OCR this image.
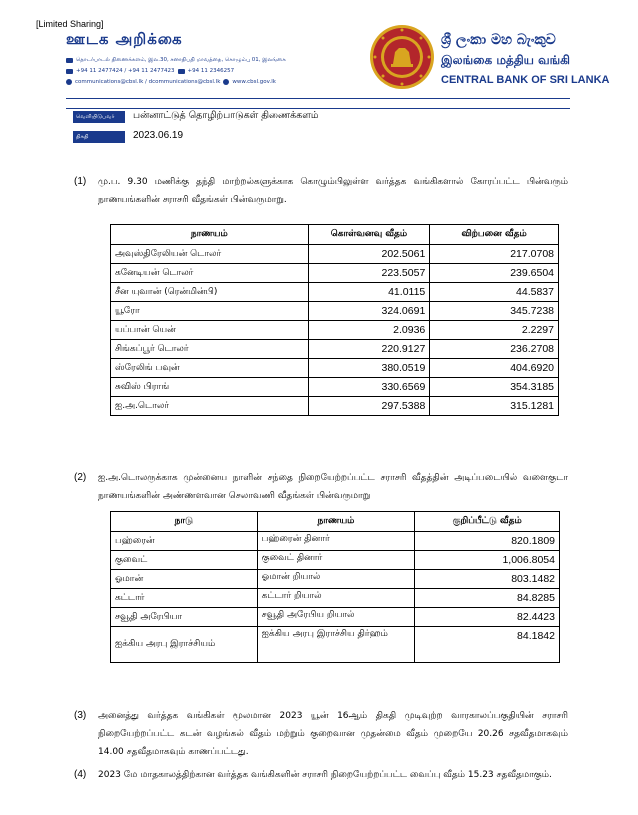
[Limited Sharing]
ஊடக அறிக்கை
தொடர்பாடல் திணைக்களம், இல.30, சனாதிபதி மாவத்தை, கொழும்பு 01, இலங்கை
+94 11 2477424 / +94 11 2477423 +94 11 2346257
communications@cbsl.lk / dcommunications@cbsl.lk www.cbsl.gov.lk
ශ්‍රී ලංකා මහ බැංකුව
இலங்கை மத்திய வங்கி
CENTRAL BANK OF SRI LANKA
வெளியிடுபவர்	பன்னாட்டுத் தொழிற்பாடுகள் திணைக்களம்
திகதி	2023.06.19
(1) மு.ப. 9.30 மணிக்கு தந்தி மாற்றல்களுக்காக கொழும்பிலுள்ள வர்த்தக வங்கிகளால் கோரப்பட்ட பின்வரும் நாணயங்களின் சராசரி வீதங்கள் பின்வருமாறு.
நாணயம்	கொள்வனவு வீதம்	விற்பனை வீதம்
அவுஸ்திரேலியன் டொலர்	202.5061	217.0708
கனேடியன் டொலர்	223.5057	239.6504
சீன யுவான் (ரென்மின்பி)	41.0115	44.5837
யூரோ	324.0691	345.7238
யப்பான் யென்	2.0936	2.2297
சிங்கப்பூர் டொலர்	220.9127	236.2708
ஸ்ரேலிங் பவுன்	380.0519	404.6920
சுவிஸ் பிராங்	330.6569	354.3185
ஐ.அ.டொலர்	297.5388	315.1281
(2) ஐ.அ.டொலருக்காக முன்னைய நாளின் சந்தை நிறையேற்றப்பட்ட சராசரி வீதத்தின் அடிப்படையில் வளைகுடா நாணயங்களின் அண்ணளவான செலாவணி வீதங்கள் பின்வருமாறு
நாடு	நாணயம்	குறிப்பீட்டு வீதம்
பஹ்ரைன்	பஹ்ரைன் தினார்	820.1809
குவைட்	குவைட் தினார்	1,006.8054
ஓமான்	ஓமான் றியால்	803.1482
கட்டார்	கட்டார் றியால்	84.8285
சவூதி அரேபியா	சவூதி அரேபிய றியால்	82.4423
ஐக்கிய அரபு இராச்சியம்	ஐக்கிய அரபு இராச்சிய திர்ஹம்	84.1842
(3) அனைத்து வர்த்தக வங்கிகள் மூலமான 2023 யூன் 16ஆம் திகதி முடிவுற்ற வாரகாலப்பகுதியின் சராசரி நிறையேற்றப்பட்ட கடன் வழங்கல் வீதம் மற்றும் குறைவான முதன்மை வீதம் முறையே 20.26 சதவீதமாகவும் 14.00 சதவீதமாகவும் காணப்பட்டது.
(4) 2023 மே மாதகாலத்திற்கான வர்த்தக வங்கிகளின் சராசரி நிறையேற்றப்பட்ட வைப்பு வீதம் 15.23 சதவீதமாகும்.
